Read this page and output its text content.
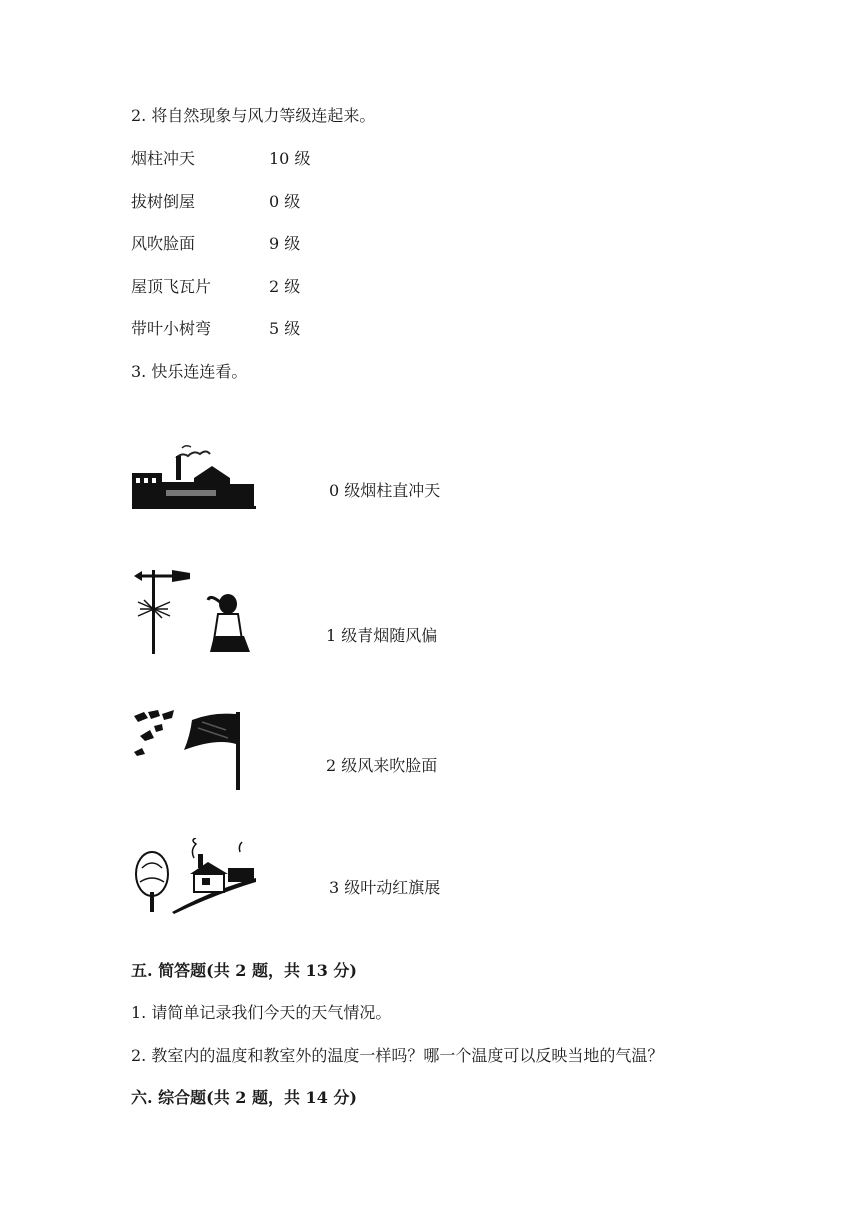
2. 将自然现象与风力等级连起来。
烟柱冲天	10 级
拔树倒屋	0 级
风吹脸面	9 级
屋顶飞瓦片	2 级
带叶小树弯	5 级
3. 快乐连连看。
0 级烟柱直冲天
1 级青烟随风偏
2 级风来吹脸面
3 级叶动红旗展
五. 简答题(共 2 题，共 13 分)
1. 请简单记录我们今天的天气情况。
2. 教室内的温度和教室外的温度一样吗？哪一个温度可以反映当地的气温？
六. 综合题(共 2 题，共 14 分)
